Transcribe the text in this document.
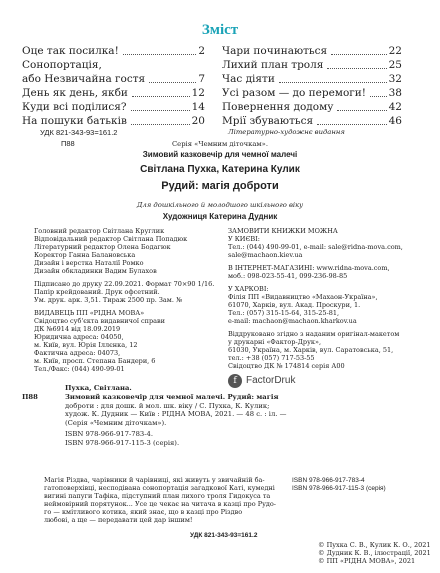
Зміст
Оце так посилка!	2
Сонопортація,
або Незвичайна гостя	7
День як день, якби	12
Куди всі поділися?	14
На пошуки батьків	20
Чари починаються	22
Лихий план троля	25
Час діяти	32
Усі разом — до перемоги! 38
Повернення додому	42
Мрії збуваються	46
УДК 821-343-93=161.2
П88
Літературно-художнє видання
Серія «Чемним діточкам».
Зимовий казковечір для чемної малечі
Світлана Пухка, Катерина Кулик
Рудий: магія доброти
Для дошкільного й молодшого шкільного віку
Художниця Катерина Дудник
Головний редактор Світлана Круглик
Відповідальний редактор Світлана Попадюк
Літературний редактор Олена Бодагюк
Коректор Ганна Балановська
Дизайн і верстка Наталії Ромко
Дизайн обкладинки Вадим Булахов
Підписано до друку 22.09.2021. Формат 70×90 1/16.
Папір крейдований. Друк офсетний.
Ум. друк. арк. 3,51. Тираж 2500 пр. Зам. №
ВИДАВЕЦЬ ПП «РІДНА МОВА»
Свідоцтво суб'єкта видавничої справи
ДК №6914 від 18.09.2019
Юридична адреса: 04050,
м. Київ, вул. Юрія Іллєнка, 12
Фактична адреса: 04073,
м. Київ, просп. Степана Бандери, 6
Тел./Факс: (044) 490-99-01
ЗАМОВИТИ КНИЖКИ МОЖНА
У КИЄВІ:
Тел.: (044) 490-99-01, e-mail: sale@ridna-mova.com,
sale@machaon.kiev.ua
В ІНТЕРНЕТ-МАГАЗИНІ: www.ridna-mova.com,
моб.: 098-023-55-41, 099-236-98-85
У ХАРКОВІ:
Філія ПП «Видавництво «Махаон-Україна»,
61070, Харків, вул. Акад. Проскури, 1.
Тел.: (057) 315-15-64, 315-25-81,
e-mail: machaon@machaon.kharkov.ua
Віддруковано згідно з наданим оригінал-макетом
у друкарні «Фактор-Друк»,
61030, Україна, м. Харків, вул. Саратовська, 51,
тел.: +38 (057) 717-53-55
Свідоцтво ДК № 174814 серія А00
f FactorDruk
П88
Пухка, Світлана.
Зимовий казковечір для чемної малечі. Рудий: магія
доброти : для дошк. й мол. шк. віку / С. Пухка, К. Кулик;
худож. К. Дудник — Київ : РІДНА МОВА, 2021. — 48 с. : іл. —
(Серія «Чемним діточкам»).
ISBN 978-966-917-783-4.
ISBN 978-966-917-115-3 (серія).
Магія Різдва, чарівники й чарівниці, які живуть у звичайній ба-
гатоповерхівці, несподівана сонопортація загадкової Каті, кумедні
вигині папуги Тафіка, підступний план лихого троля Гидокуса та
неймовірний порятунок... Усе це чекає на читача в казці про Рудо-
го — кмітливого котика, який знає, що в казці про Різдво
любові, а ще — передавати цей дар іншим!
УДК 821-343-93=161.2
ISBN 978-966-917-783-4
ISBN 978-966-917-115-3 (серія)
© Пухка С. В., Кулик К. О., 2021
© Дудник К. В., ілюстрації, 2021
© ПП «РІДНА МОВА», 2021
